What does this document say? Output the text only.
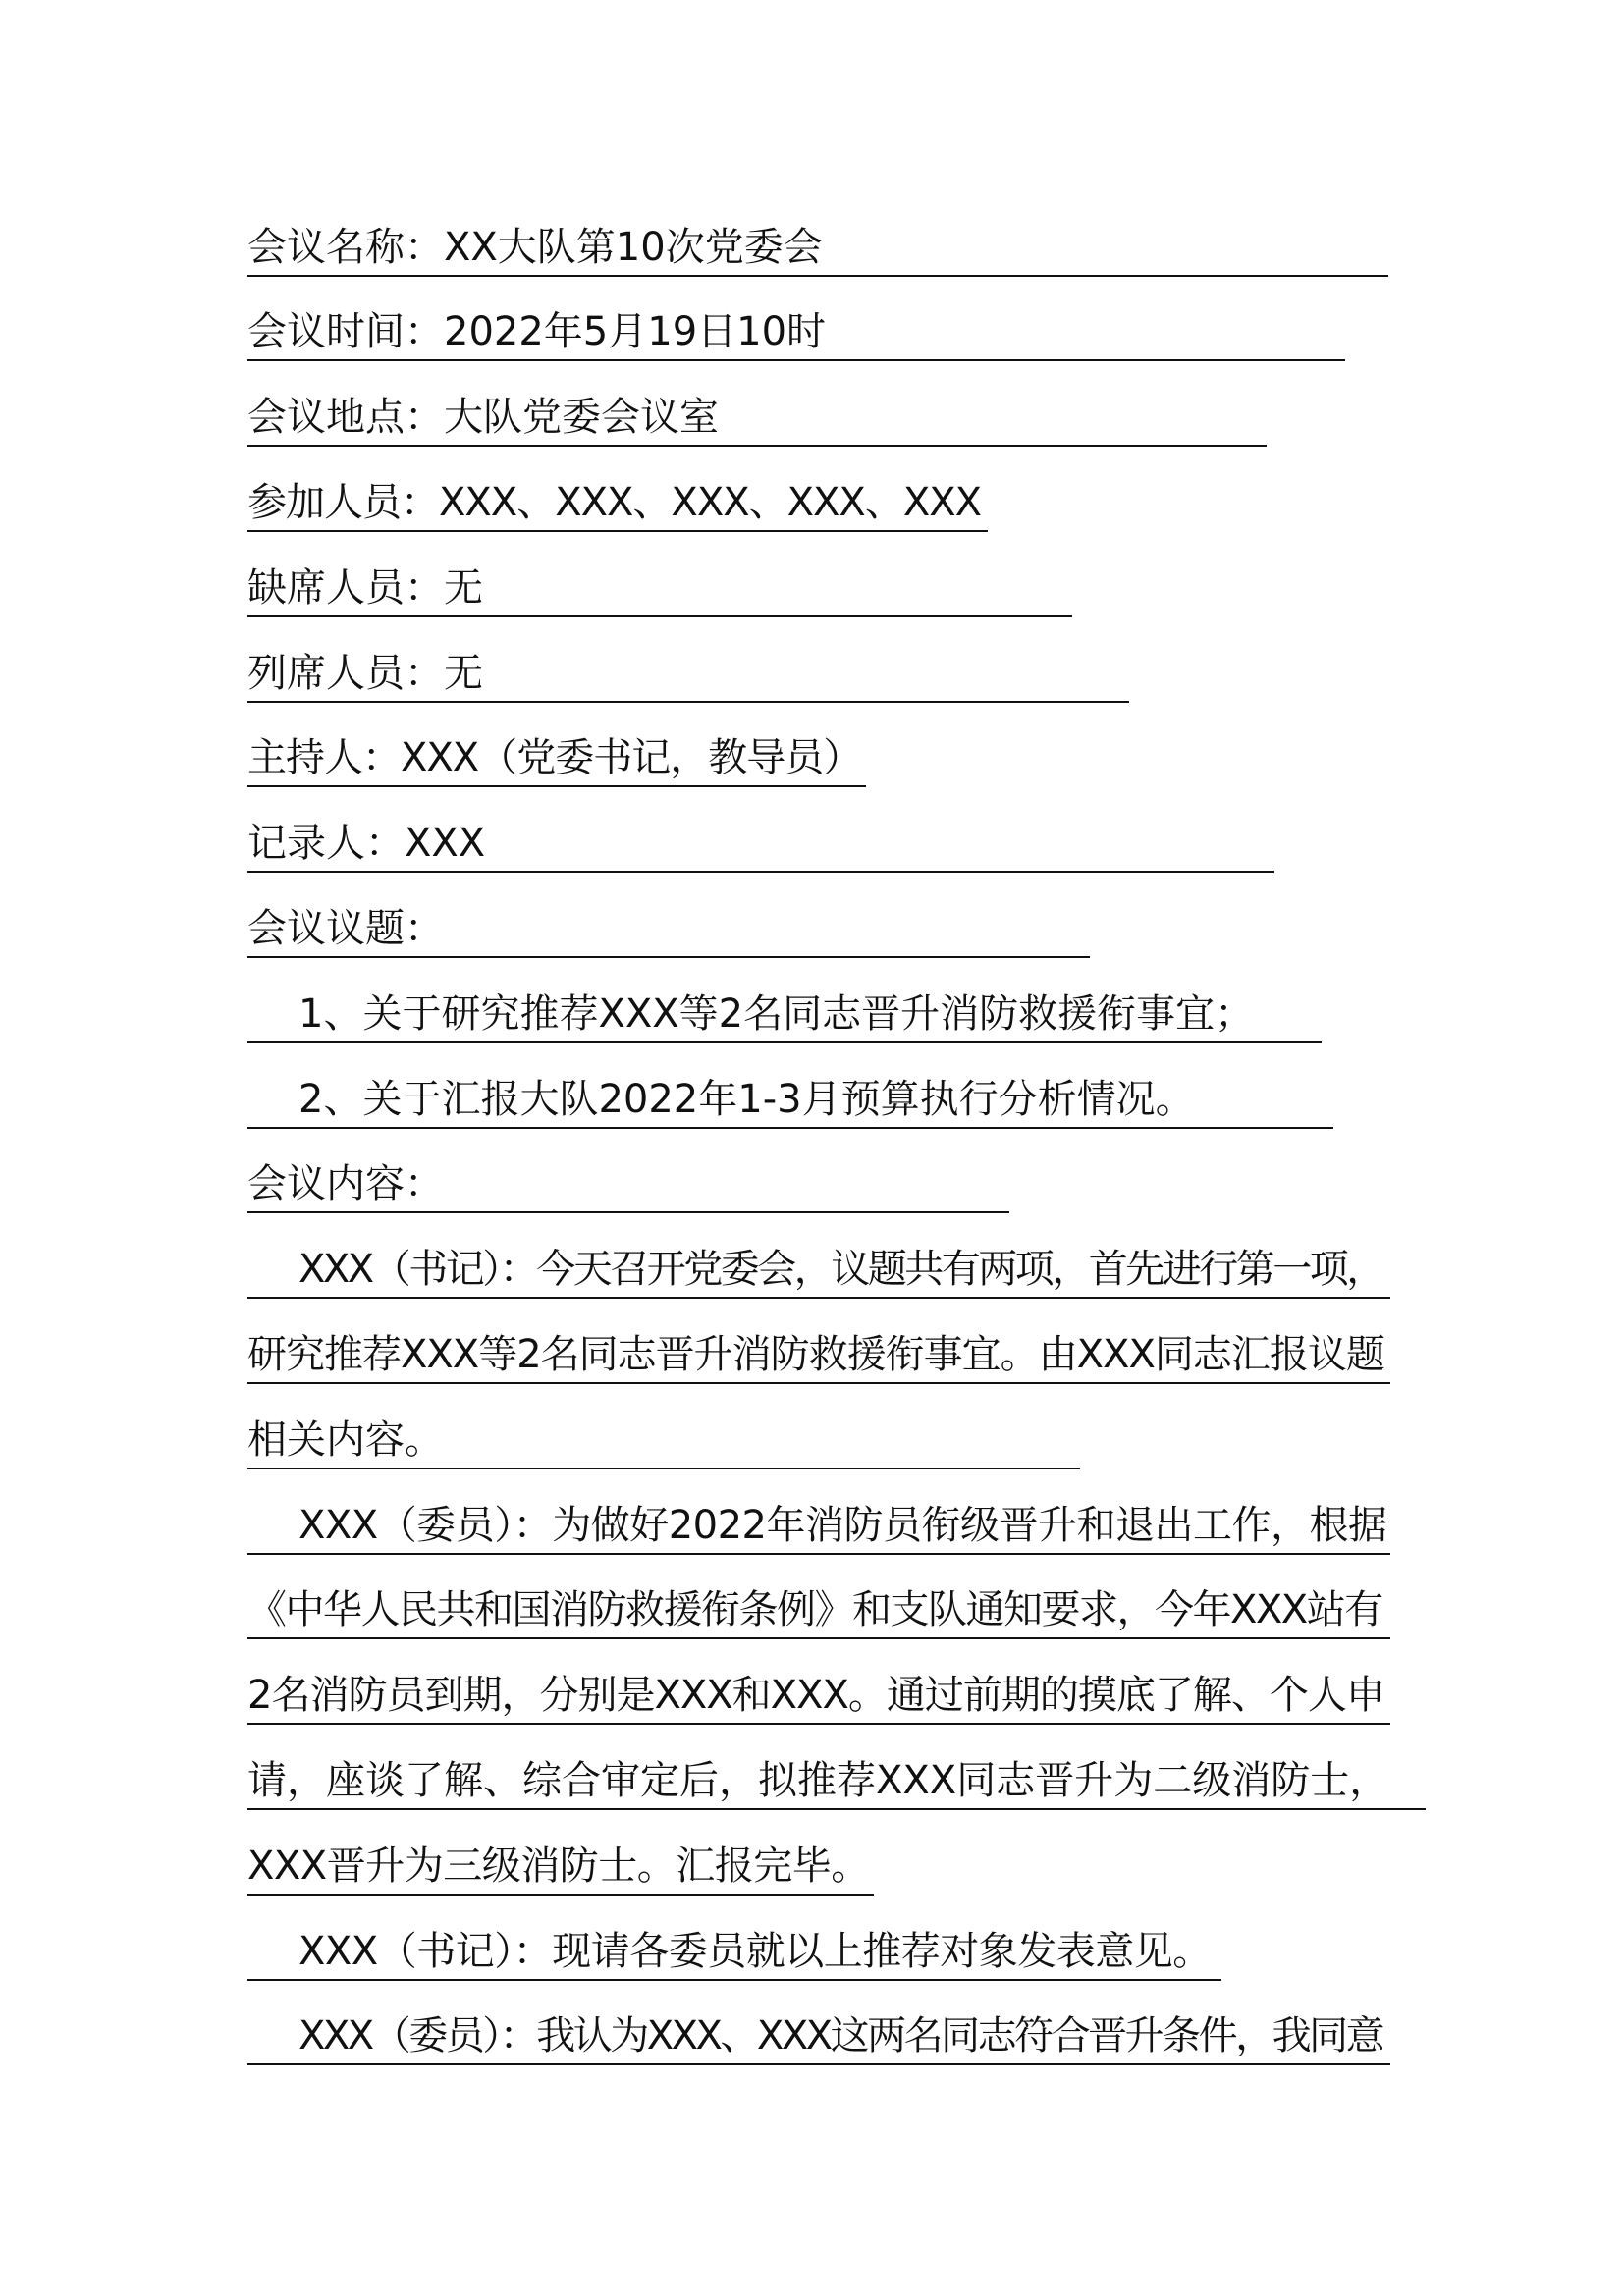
会议名称：XX大队第10次党委会
会议时间：2022年5月19日10时
会议地点：大队党委会议室
参加人员：XXX、XXX、XXX、XXX、XXX
缺席人员：无
列席人员：无
主持人：XXX（党委书记，教导员）
记录人：XXX
会议议题：
1、关于研究推荐XXX等2名同志晋升消防救援衔事宜；
2、关于汇报大队2022年1-3月预算执行分析情况。
会议内容：
XXX（书记）：今天召开党委会，议题共有两项，首先进行第一项，
研究推荐XXX等2名同志晋升消防救援衔事宜。由XXX同志汇报议题
相关内容。
XXX（委员）：为做好2022年消防员衔级晋升和退出工作，根据
《中华人民共和国消防救援衔条例》和支队通知要求，今年XXX站有
2名消防员到期，分别是XXX和XXX。通过前期的摸底了解、个人申
请，座谈了解、综合审定后，拟推荐XXX同志晋升为二级消防士，
XXX晋升为三级消防士。汇报完毕。
XXX（书记）：现请各委员就以上推荐对象发表意见。
XXX（委员）：我认为XXX、XXX这两名同志符合晋升条件，我同意
